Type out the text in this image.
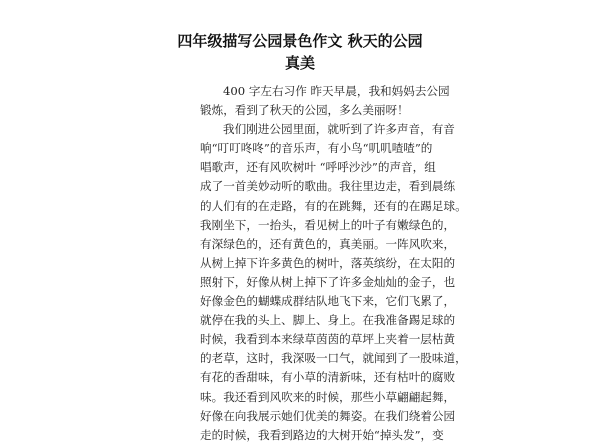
四年级描写公园景色作文 秋天的公园
真美
400 字左右习作 昨天早晨，我和妈妈去公园
锻炼，看到了秋天的公园，多么美丽呀！
我们刚进公园里面，就听到了许多声音，有音
响“叮叮咚咚”的音乐声，有小鸟“叽叽喳喳”的
唱歌声，还有风吹树叶 “呼呼沙沙”的声音，组
成了一首美妙动听的歌曲。我往里边走，看到晨练
的人们有的在走路，有的在跳舞，还有的在踢足球。
我刚坐下，一抬头，看见树上的叶子有嫩绿色的，
有深绿色的，还有黄色的，真美丽。一阵风吹来，
从树上掉下许多黄色的树叶，落英缤纷，在太阳的
照射下，好像从树上掉下了许多金灿灿的金子，也
好像金色的蝴蝶成群结队地飞下来，它们飞累了，
就停在我的头上、脚上、身上。在我准备踢足球的
时候，我看到本来绿草茵茵的草坪上夹着一层枯黄
的老草，这时，我深吸一口气，就闻到了一股味道，
有花的香甜味，有小草的清新味，还有枯叶的腐败
味。我还看到风吹来的时候，那些小草翩翩起舞，
好像在向我展示她们优美的舞姿。在我们绕着公园
走的时候，我看到路边的大树开始“掉头发”，变
